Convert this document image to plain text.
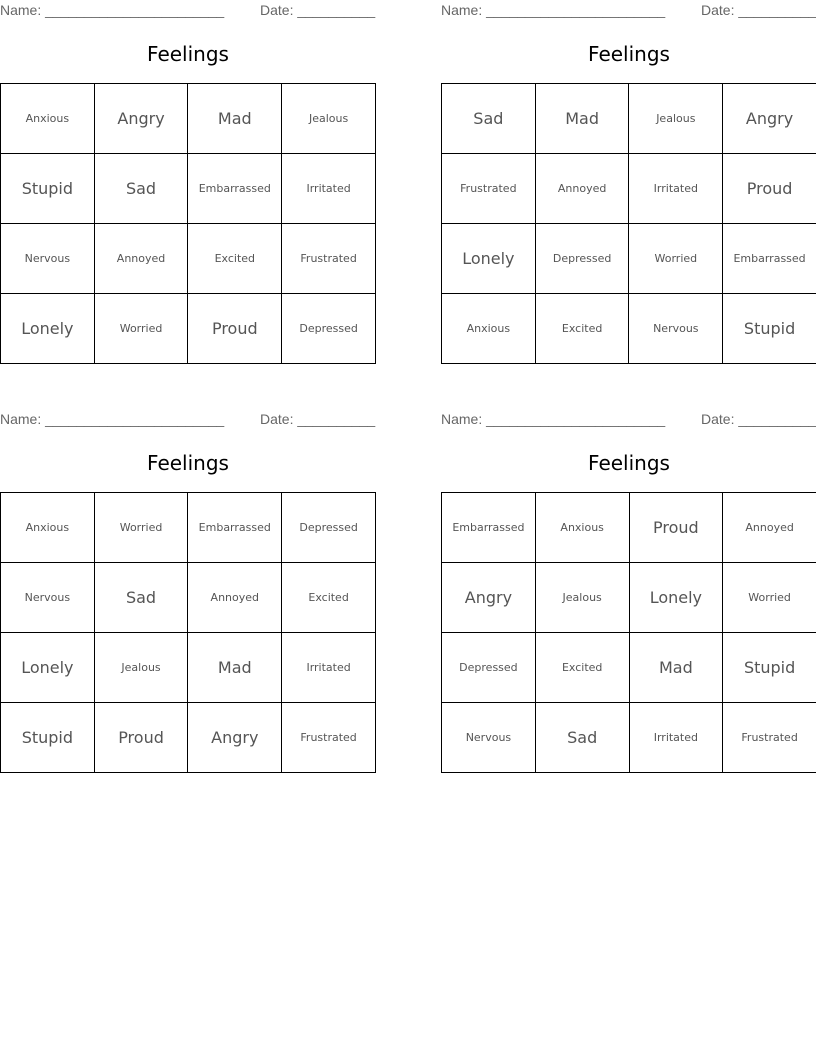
Name: _______________________	Date: __________
Feelings
Anxious	Angry	Mad	Jealous
Stupid	Sad	Embarrassed	Irritated
Nervous	Annoyed	Excited	Frustrated
Lonely	Worried	Proud	Depressed
Name: _______________________	Date: __________
Feelings
Sad	Mad	Jealous	Angry
Frustrated	Annoyed	Irritated	Proud
Lonely	Depressed	Worried	Embarrassed
Anxious	Excited	Nervous	Stupid
Name: _______________________	Date: __________
Feelings
Anxious	Worried	Embarrassed	Depressed
Nervous	Sad	Annoyed	Excited
Lonely	Jealous	Mad	Irritated
Stupid	Proud	Angry	Frustrated
Name: _______________________	Date: __________
Feelings
Embarrassed	Anxious	Proud	Annoyed
Angry	Jealous	Lonely	Worried
Depressed	Excited	Mad	Stupid
Nervous	Sad	Irritated	Frustrated
